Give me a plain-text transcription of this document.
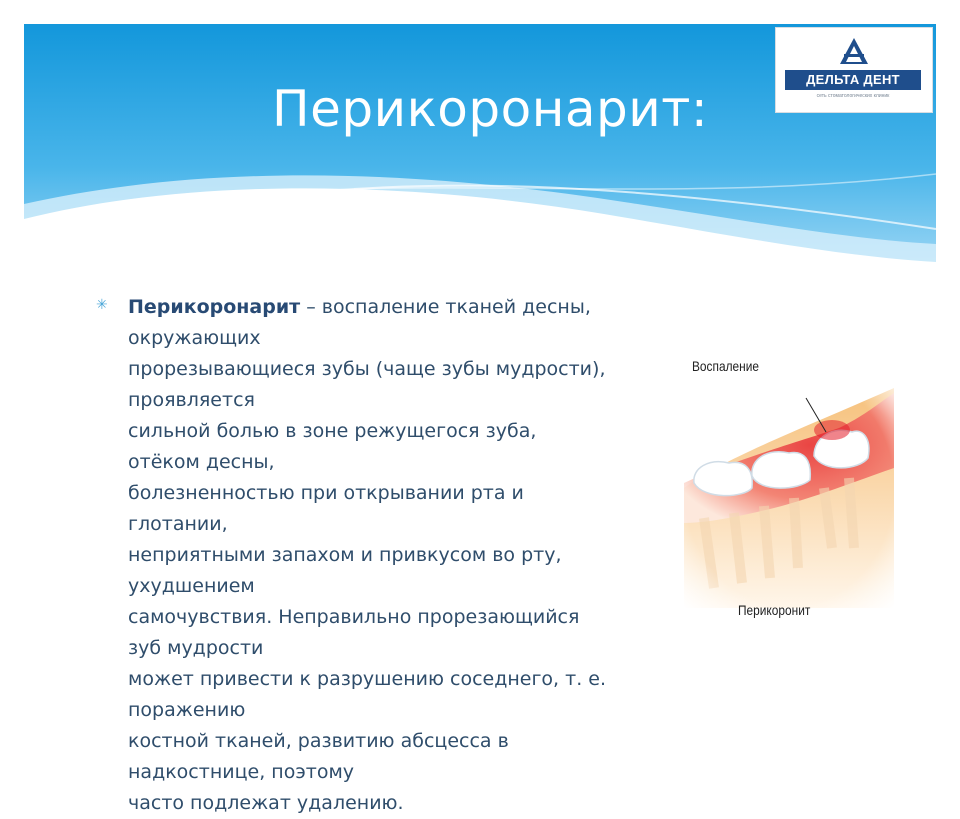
Перикоронарит:
ДЕЛЬТА ДЕНТ
сеть стоматологических клиник
✳ Перикоронарит – воспаление тканей десны, окружающих
прорезывающиеся зубы (чаще зубы мудрости), проявляется
сильной болью в зоне режущегося зуба, отёком десны,
болезненностью при открывании рта и глотании,
неприятными запахом и привкусом во рту, ухудшением
самочувствия. Неправильно прорезающийся зуб мудрости
может привести к разрушению соседнего, т. е. поражению
костной тканей, развитию абсцесса в надкостнице, поэтому
часто подлежат удалению.

Воспаление
Перикоронит
